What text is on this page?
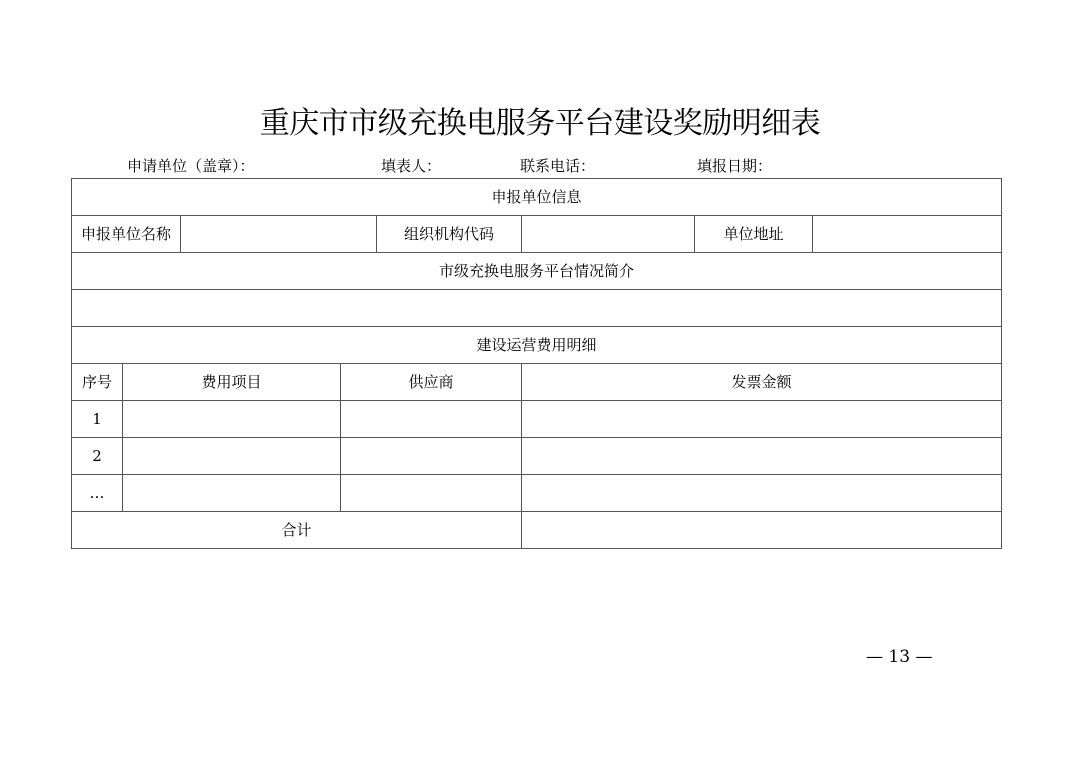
重庆市市级充换电服务平台建设奖励明细表
申请单位（盖章）：	填表人：	联系电话：	填报日期：
申报单位信息							
申报单位名称				组织机构代码		单位地址	
市级充换电服务平台情况简介							

建设运营费用明细							
序号	费用项目		供应商		发票金额		
1							
2							
…							
合计							
— 13 —
